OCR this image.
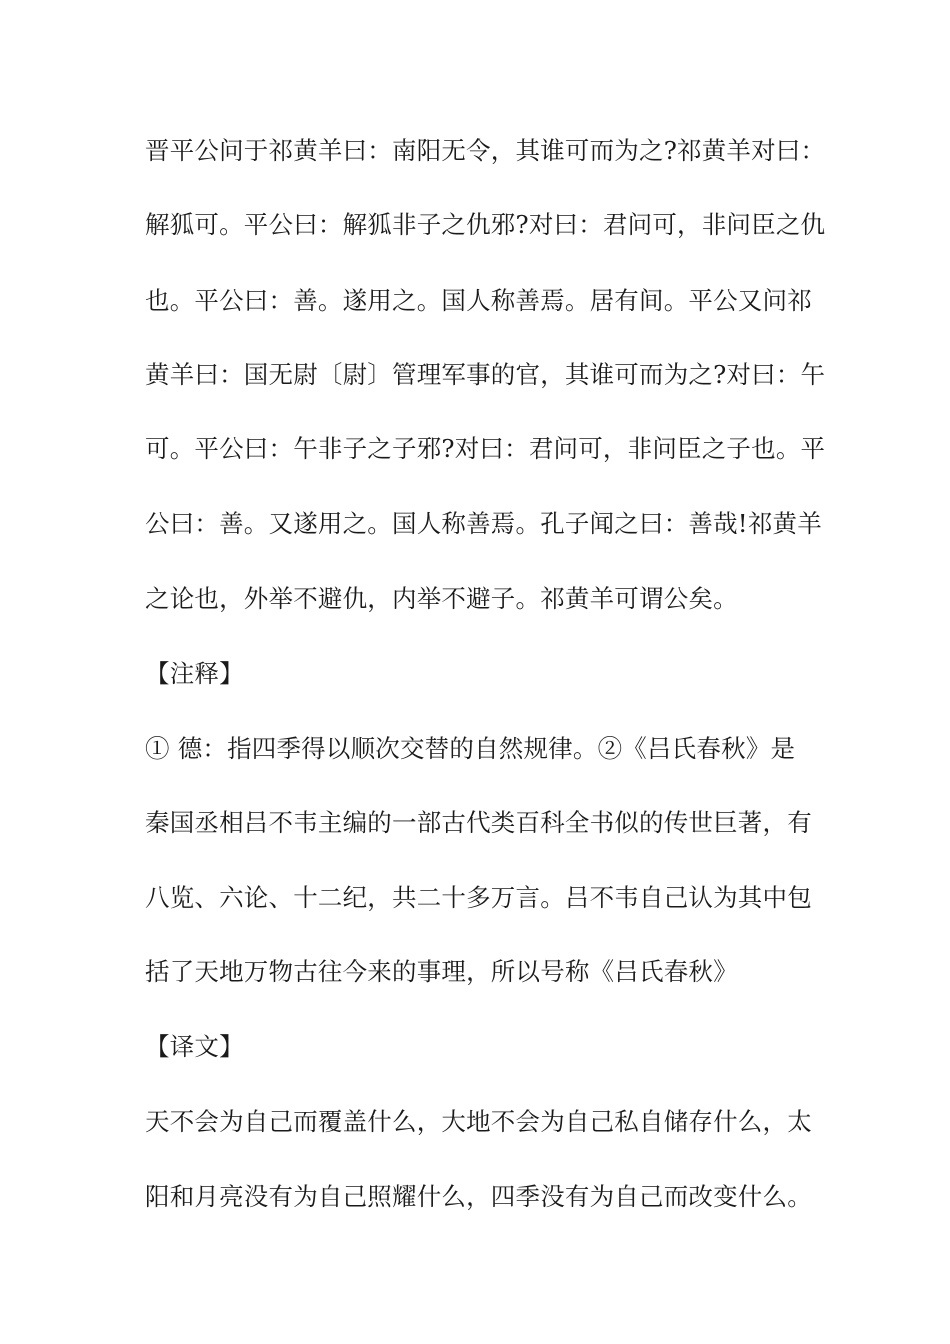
晋平公问于祁黄羊曰：南阳无令，其谁可而为之?祁黄羊对曰：
解狐可。平公曰：解狐非子之仇邪?对曰：君问可，非问臣之仇
也。平公曰：善。遂用之。国人称善焉。居有间。平公又问祁
黄羊曰：国无尉〔尉〕管理军事的官，其谁可而为之?对曰：午
可。平公曰：午非子之子邪?对曰：君问可，非问臣之子也。平
公曰：善。又遂用之。国人称善焉。孔子闻之曰：善哉!祁黄羊
之论也，外举不避仇，内举不避子。祁黄羊可谓公矣。
【注释】
① 德：指四季得以顺次交替的自然规律。②《吕氏春秋》是
秦国丞相吕不韦主编的一部古代类百科全书似的传世巨著，有
八览、六论、十二纪，共二十多万言。吕不韦自己认为其中包
括了天地万物古往今来的事理，所以号称《吕氏春秋》
【译文】
天不会为自己而覆盖什么，大地不会为自己私自储存什么，太
阳和月亮没有为自己照耀什么，四季没有为自己而改变什么。
